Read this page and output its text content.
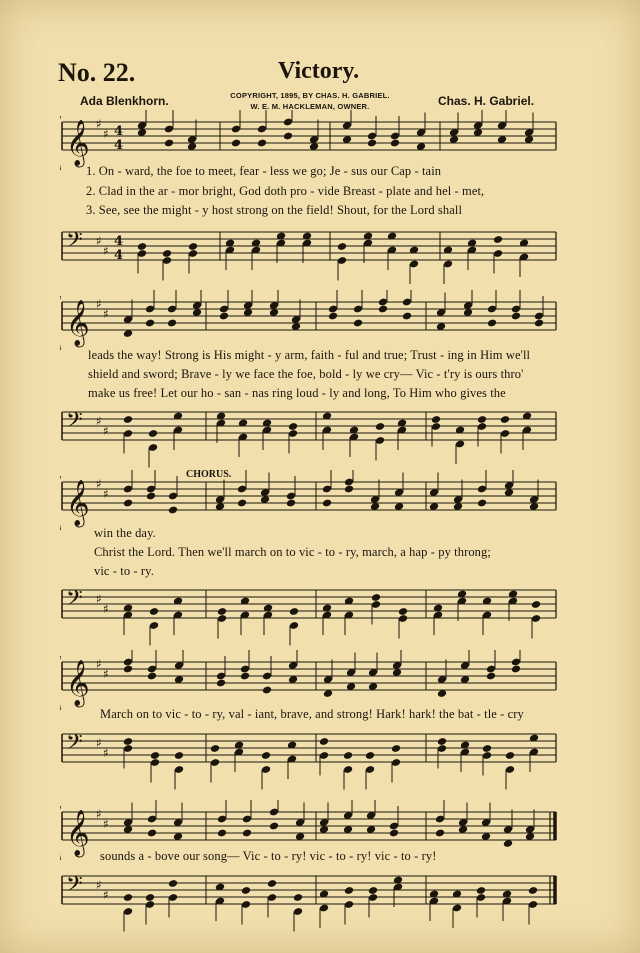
No. 22.	Victory.
Ada Blenkhorn.	COPYRIGHT, 1895, BY CHAS. H. GABRIEL.
W. E. M. HACKLEMAN, OWNER.	Chas. H. Gabriel.
𝄞 ♯
♯ 4
4
1. On - ward, the foe to meet, fear - less we go; Je - sus our Cap - tain
2. Clad in the ar - mor bright, God doth pro - vide Breast - plate and hel - met,
3. See, see the might - y host strong on the field! Shout, for the Lord shall
𝄢 ♯
♯
4
4
𝄞 ♯
♯
leads the way! Strong is His might - y arm, faith - ful and true; Trust - ing in Him we'll
shield and sword; Brave - ly we face the foe, bold - ly we cry— Vic - t'ry is ours thro'
make us free! Let our ho - san - nas ring loud - ly and long, To Him who gives the
𝄢 ♯
♯
CHORUS.
𝄞 ♯
♯
win the day.
Christ the Lord. Then we'll march on to vic - to - ry, march, a hap - py throng;
vic - to - ry.
𝄢 ♯
♯
𝄞 ♯
♯
March on to vic - to - ry, val - iant, brave, and strong! Hark! hark! the bat - tle - cry
𝄢 ♯
♯
𝄞 ♯
♯
sounds a - bove our song— Vic - to - ry! vic - to - ry! vic - to - ry!
𝄢 ♯
♯
